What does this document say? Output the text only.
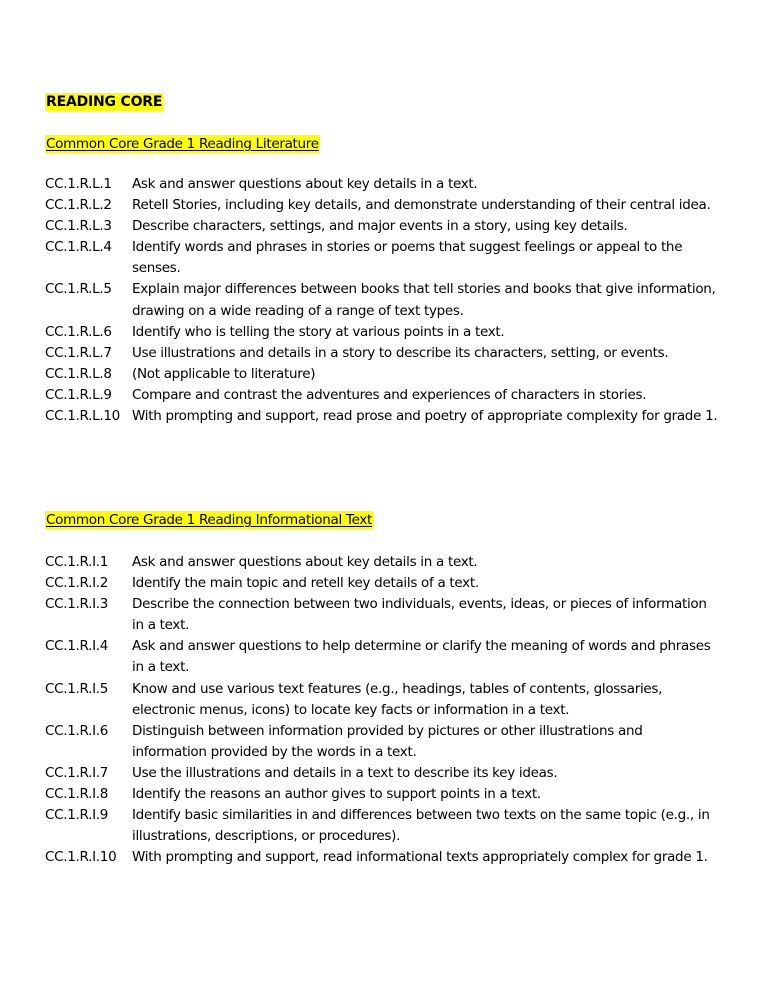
READING CORE
Common Core Grade 1 Reading Literature
CC.1.R.L.1	Ask and answer questions about key details in a text.
CC.1.R.L.2	Retell Stories, including key details, and demonstrate understanding of their central idea.
CC.1.R.L.3	Describe characters, settings, and major events in a story, using key details.
CC.1.R.L.4	Identify words and phrases in stories or poems that suggest feelings or appeal to the senses.
CC.1.R.L.5	Explain major differences between books that tell stories and books that give information, drawing on a wide reading of a range of text types.
CC.1.R.L.6	Identify who is telling the story at various points in a text.
CC.1.R.L.7	Use illustrations and details in a story to describe its characters, setting, or events.
CC.1.R.L.8	(Not applicable to literature)
CC.1.R.L.9	Compare and contrast the adventures and experiences of characters in stories.
CC.1.R.L.10 With prompting and support, read prose and poetry of appropriate complexity for grade 1.
Common Core Grade 1 Reading Informational Text
CC.1.R.I.1	Ask and answer questions about key details in a text.
CC.1.R.I.2	Identify the main topic and retell key details of a text.
CC.1.R.I.3	Describe the connection between two individuals, events, ideas, or pieces of information in a text.
CC.1.R.I.4	Ask and answer questions to help determine or clarify the meaning of words and phrases in a text.
CC.1.R.I.5	Know and use various text features (e.g., headings, tables of contents, glossaries, electronic menus, icons) to locate key facts or information in a text.
CC.1.R.I.6	Distinguish between information provided by pictures or other illustrations and information provided by the words in a text.
CC.1.R.I.7	Use the illustrations and details in a text to describe its key ideas.
CC.1.R.I.8	Identify the reasons an author gives to support points in a text.
CC.1.R.I.9	Identify basic similarities in and differences between two texts on the same topic (e.g., in illustrations, descriptions, or procedures).
CC.1.R.I.10	With prompting and support, read informational texts appropriately complex for grade 1.
